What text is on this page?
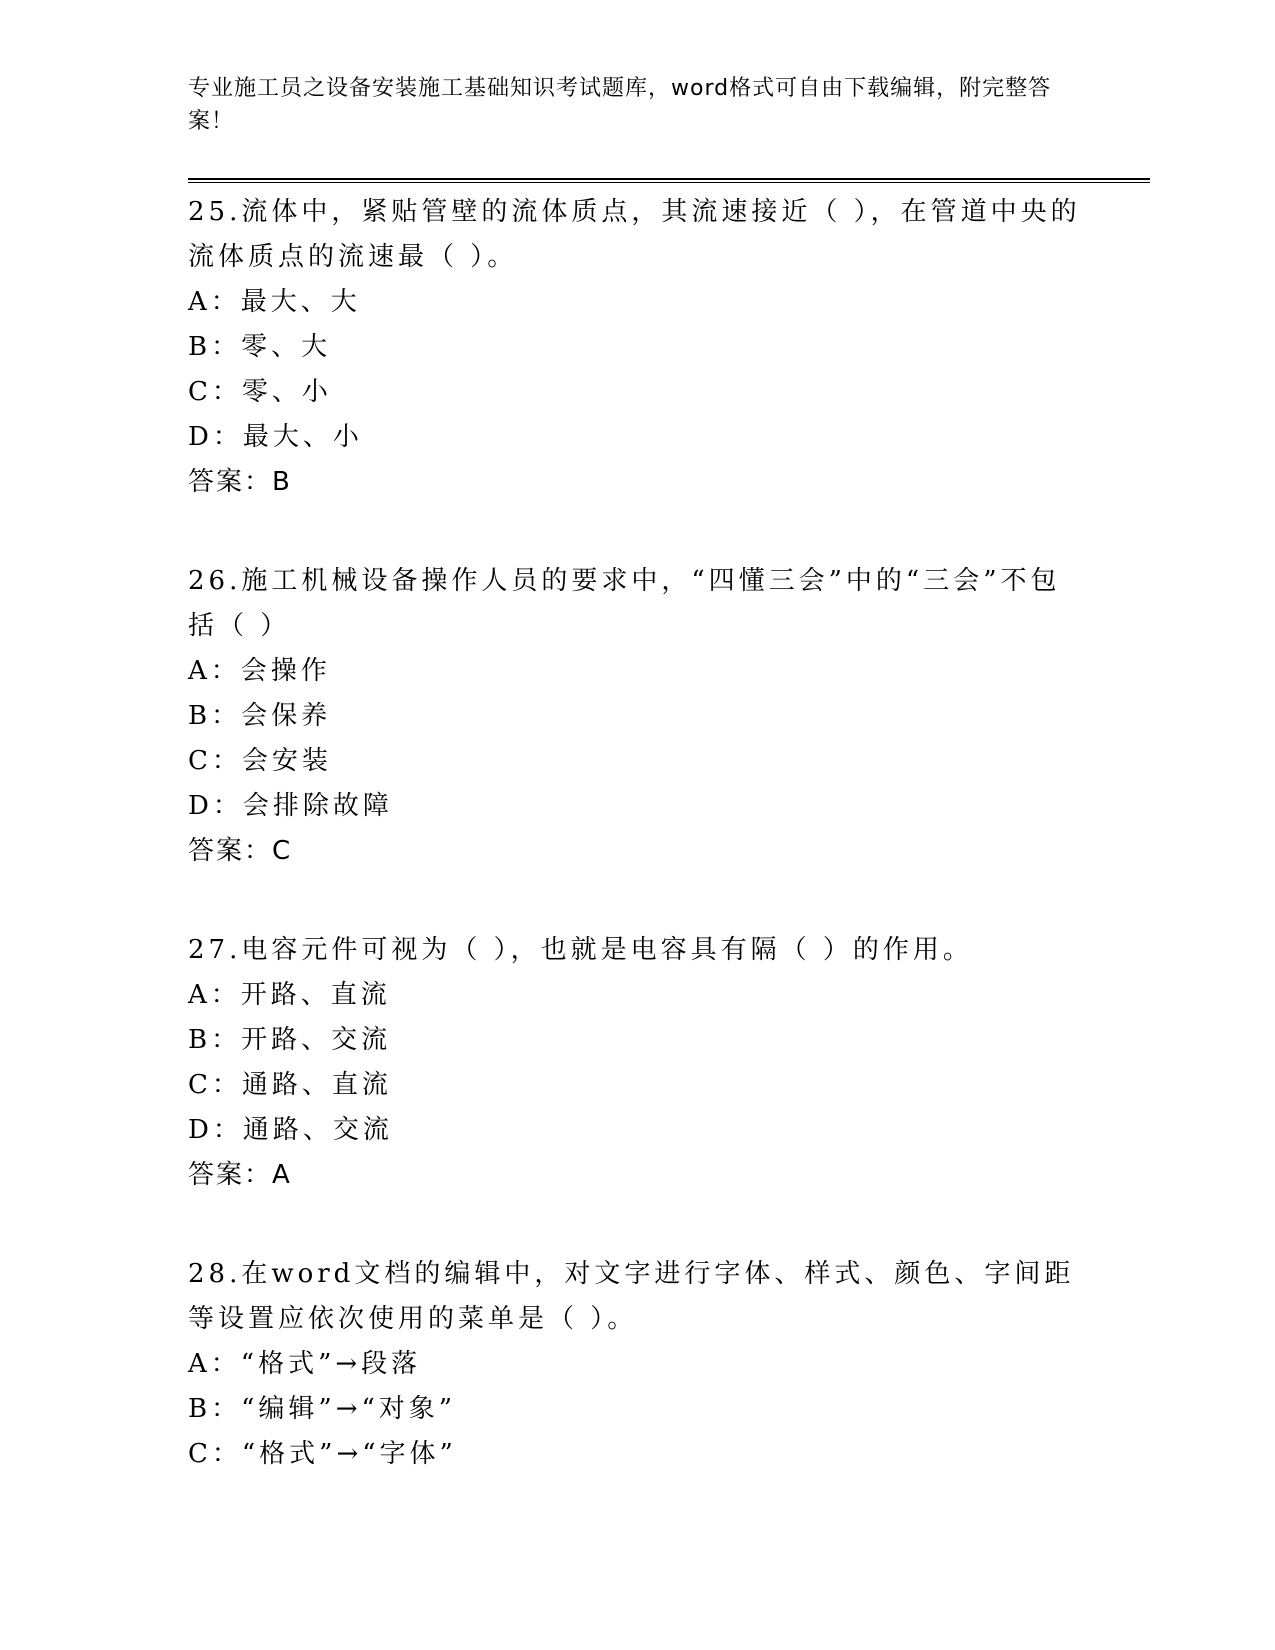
专业施工员之设备安装施工基础知识考试题库，word格式可自由下载编辑，附完整答案！

25.流体中，紧贴管壁的流体质点，其流速接近（ ），在管道中央的流体质点的流速最（ ）。

A：最大、大

B：零、大

C：零、小

D：最大、小

答案：B

26.施工机械设备操作人员的要求中，“四懂三会”中的“三会”不包括（ ）

A：会操作

B：会保养

C：会安装

D：会排除故障

答案：C

27.电容元件可视为（ ），也就是电容具有隔（ ）的作用。

A：开路、直流

B：开路、交流

C：通路、直流

D：通路、交流

答案：A

28.在word文档的编辑中，对文字进行字体、样式、颜色、字间距等设置应依次使用的菜单是（ ）。

A：“格式”→段落

B：“编辑”→“对象”

C：“格式”→“字体”
